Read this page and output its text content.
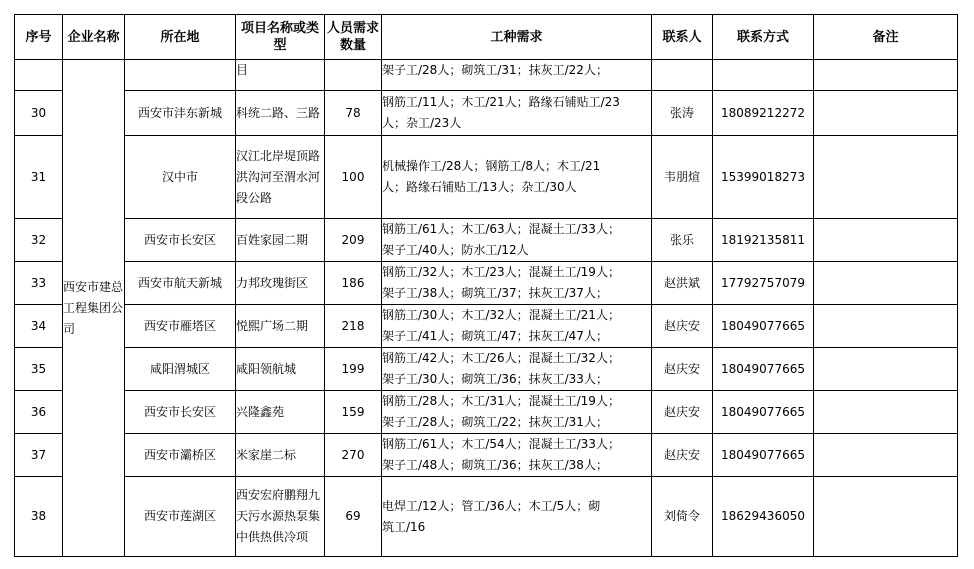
序号	企业名称	所在地	项目名称或类型	人员需求数量	工种需求	联系人	联系方式	备注
	西安市建总工程集团公司		目		架子工/28人；砌筑工/31；抹灰工/22人；			

30		西安市沣东新城	科统二路、三路	78	钢筋工/11人；木工/21人；路缘石铺贴工/23
人；杂工/23人	张涛	18089212272	
31		汉中市	汉江北岸堤顶路洪沟河至渭水河段公路	100	机械操作工/28人；钢筋工/8人；木工/21
人；路缘石铺贴工/13人；杂工/30人	韦朋煊	15399018273	
32		西安市长安区	百姓家园二期	209	钢筋工/61人；木工/63人；混凝土工/33人；
架子工/40人；防水工/12人	张乐	18192135811	
33		西安市航天新城	力邦玫瑰街区	186	钢筋工/32人；木工/23人；混凝土工/19人；
架子工/38人；砌筑工/37；抹灰工/37人；	赵洪斌	17792757079	
34		西安市雁塔区	悦熙广场二期	218	钢筋工/30人；木工/32人；混凝土工/21人；
架子工/41人；砌筑工/47；抹灰工/47人；	赵庆安	18049077665	
35		咸阳渭城区	咸阳领航城	199	钢筋工/42人；木工/26人；混凝土工/32人；
架子工/30人；砌筑工/36；抹灰工/33人；	赵庆安	18049077665	
36		西安市长安区	兴隆鑫苑	159	钢筋工/28人；木工/31人；混凝土工/19人；
架子工/28人；砌筑工/22；抹灰工/31人；	赵庆安	18049077665	
37		西安市灞桥区	米家崖二标	270	钢筋工/61人；木工/54人；混凝土工/33人；
架子工/48人；砌筑工/36；抹灰工/38人；	赵庆安	18049077665	
38		西安市莲湖区	西安宏府鹏翔九天污水源热泵集中供热供冷项	69	电焊工/12人；管工/36人；木工/5人；砌
筑工/16	刘倚令	18629436050	
